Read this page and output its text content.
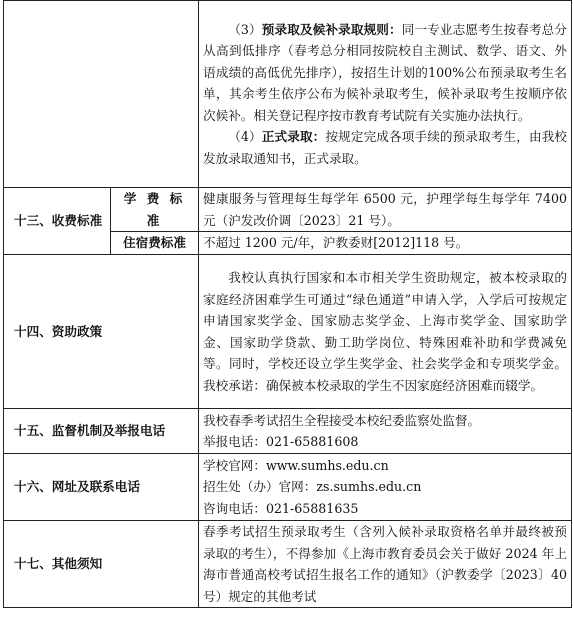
		（3）预录取及候补录取规则：同一专业志愿考生按春考总分从高到低排序（春考总分相同按院校自主测试、数学、语文、外语成绩的高低优先排序），按招生计划的100%公布预录取考生名单，其余考生依序公布为候补录取考生，候补录取考生按顺序依次候补。相关登记程序按市教育考试院有关实施办法执行。
（4）正式录取：按规定完成各项手续的预录取考生，由我校发放录取通知书，正式录取。

十三、收费标准	学 费 标 准	健康服务与管理每生每学年 6500 元，护理学每生每学年 7400 元（沪发改价调〔2023〕21 号）。
	住宿费标准	不超过 1200 元/年，沪教委财[2012]118 号。
十四、资助政策		我校认真执行国家和本市相关学生资助规定，被本校录取的家庭经济困难学生可通过“绿色通道”申请入学，入学后可按规定申请国家奖学金、国家励志奖学金、上海市奖学金、国家助学金、国家助学贷款、勤工助学岗位、特殊困难补助和学费减免等。同时，学校还设立学生奖学金、社会奖学金和专项奖学金。我校承诺：确保被本校录取的学生不因家庭经济困难而辍学。
十五、监督机制及举报电话		我校春季考试招生全程接受本校纪委监察处监督。
举报电话：021-65881608

十六、网址及联系电话		学校官网：www.sumhs.edu.cn
招生处（办）官网：zs.sumhs.edu.cn
咨询电话：021-65881635

十七、其他须知		春季考试招生预录取考生（含列入候补录取资格名单并最终被预录取的考生），不得参加《上海市教育委员会关于做好 2024 年上海市普通高校考试招生报名工作的通知》（沪教委学〔2023〕40 号）规定的其他考试
